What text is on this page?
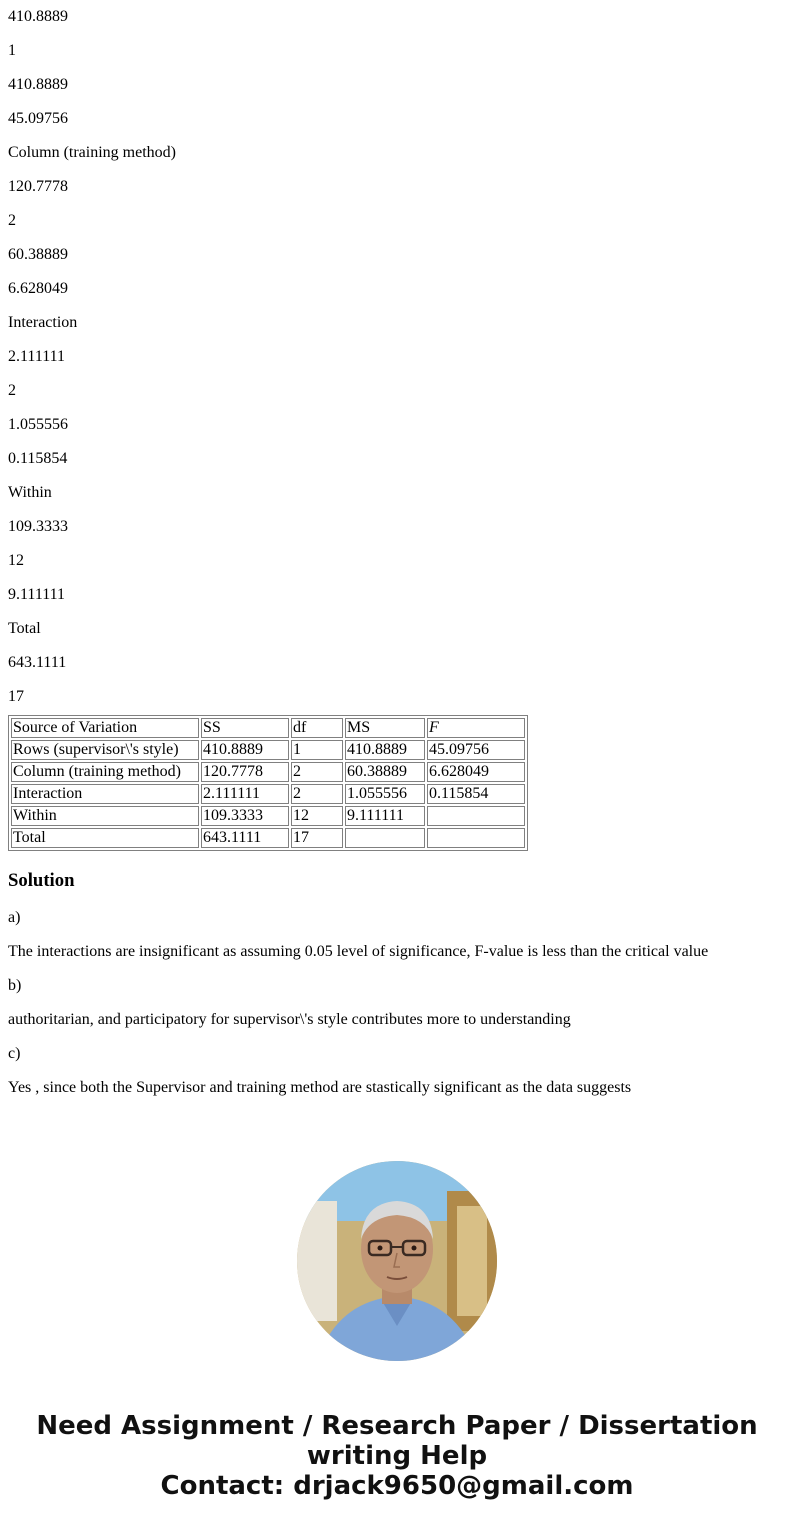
410.8889

1

410.8889

45.09756

Column (training method)

120.7778

2

60.38889

6.628049

Interaction

2.111111

2

1.055556

0.115854

Within

109.3333

12

9.111111

Total

643.1111

17

Source of Variation	SS	df	MS	F
Rows (supervisor\'s style)	410.8889	1	410.8889	45.09756
Column (training method)	120.7778	2	60.38889	6.628049
Interaction	2.111111	2	1.055556	0.115854
Within	109.3333	12	9.111111	
Total	643.1111	17		
Solution

a)

The interactions are insignificant as assuming 0.05 level of significance, F-value is less than the critical value

b)

authoritarian, and participatory for supervisor\'s style contributes more to understanding

c)

Yes , since both the Supervisor and training method are stastically significant as the data suggests

Need Assignment / Research Paper / Dissertation
writing Help
Contact: drjack9650@gmail.com
